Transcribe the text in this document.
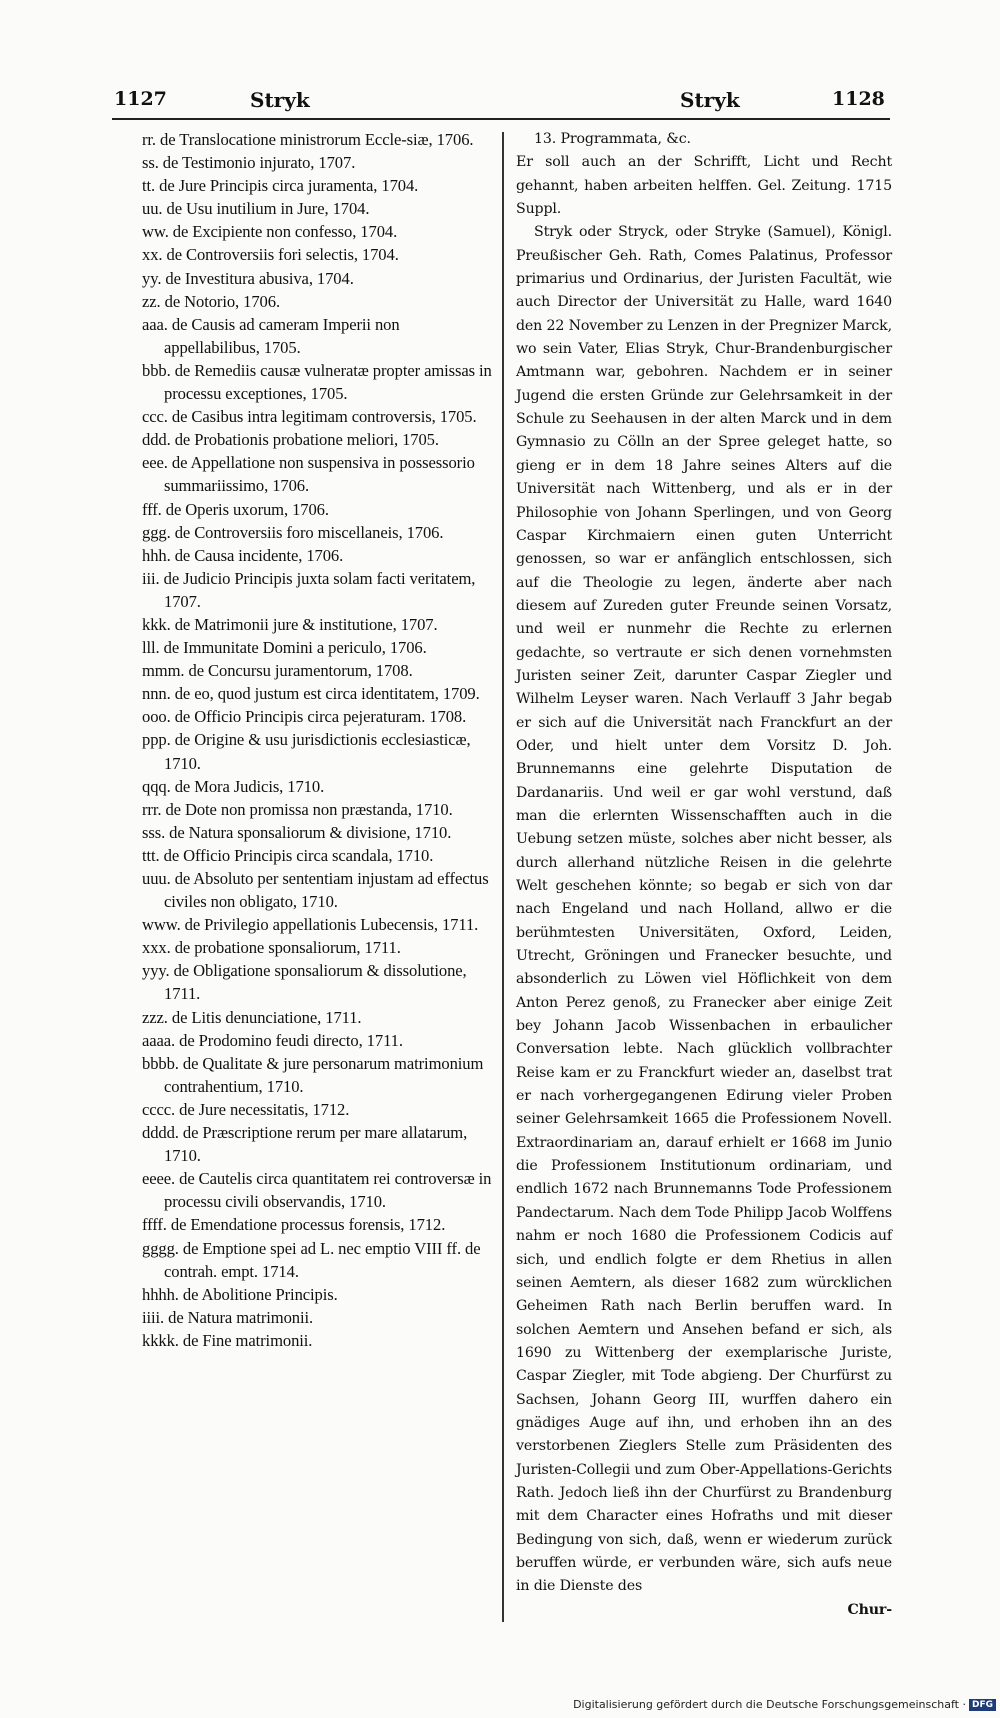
1127	Stryk	Stryk	1128

rr. de Translocatione ministrorum Eccle-siæ, 1706.

ss. de Testimonio injurato, 1707.

tt. de Jure Principis circa juramenta, 1704.

uu. de Usu inutilium in Jure, 1704.

ww. de Excipiente non confesso, 1704.

xx. de Controversiis fori selectis, 1704.

yy. de Investitura abusiva, 1704.

zz. de Notorio, 1706.

aaa. de Causis ad cameram Imperii non appellabilibus, 1705.

bbb. de Remediis causæ vulneratæ propter amissas in processu exceptiones, 1705.

ccc. de Casibus intra legitimam controversis, 1705.

ddd. de Probationis probatione meliori, 1705.

eee. de Appellatione non suspensiva in possessorio summariissimo, 1706.

fff. de Operis uxorum, 1706.

ggg. de Controversiis foro miscellaneis, 1706.

hhh. de Causa incidente, 1706.

iii. de Judicio Principis juxta solam facti veritatem, 1707.

kkk. de Matrimonii jure & institutione, 1707.

lll. de Immunitate Domini a periculo, 1706.

mmm. de Concursu juramentorum, 1708.

nnn. de eo, quod justum est circa identitatem, 1709.

ooo. de Officio Principis circa pejeraturam. 1708.

ppp. de Origine & usu jurisdictionis ecclesiasticæ, 1710.

qqq. de Mora Judicis, 1710.

rrr. de Dote non promissa non præstanda, 1710.

sss. de Natura sponsaliorum & divisione, 1710.

ttt. de Officio Principis circa scandala, 1710.

uuu. de Absoluto per sententiam injustam ad effectus civiles non obligato, 1710.

www. de Privilegio appellationis Lubecensis, 1711.

xxx. de probatione sponsaliorum, 1711.

yyy. de Obligatione sponsaliorum & dissolutione, 1711.

zzz. de Litis denunciatione, 1711.

aaaa. de Prodomino feudi directo, 1711.

bbbb. de Qualitate & jure personarum matrimonium contrahentium, 1710.

cccc. de Jure necessitatis, 1712.

dddd. de Præscriptione rerum per mare allatarum, 1710.

eeee. de Cautelis circa quantitatem rei controversæ in processu civili observandis, 1710.

ffff. de Emendatione processus forensis, 1712.

gggg. de Emptione spei ad L. nec emptio VIII ff. de contrah. empt. 1714.

hhhh. de Abolitione Principis.

iiii. de Natura matrimonii.

kkkk. de Fine matrimonii.

13. Programmata, &c.

Er soll auch an der Schrifft, Licht und Recht gehannt, haben arbeiten helffen. Gel. Zeitung. 1715 Suppl.

Stryk oder Stryck, oder Stryke (Samuel), Königl. Preußischer Geh. Rath, Comes Palatinus, Professor primarius und Ordinarius, der Juristen Facultät, wie auch Director der Universität zu Halle, ward 1640 den 22 November zu Lenzen in der Pregnizer Marck, wo sein Vater, Elias Stryk, Chur-Brandenburgischer Amtmann war, gebohren. Nachdem er in seiner Jugend die ersten Gründe zur Gelehrsamkeit in der Schule zu Seehausen in der alten Marck und in dem Gymnasio zu Cölln an der Spree geleget hatte, so gieng er in dem 18 Jahre seines Alters auf die Universität nach Wittenberg, und als er in der Philosophie von Johann Sperlingen, und von Georg Caspar Kirchmaiern einen guten Unterricht genossen, so war er anfänglich entschlossen, sich auf die Theologie zu legen, änderte aber nach diesem auf Zureden guter Freunde seinen Vorsatz, und weil er nunmehr die Rechte zu erlernen gedachte, so vertraute er sich denen vornehmsten Juristen seiner Zeit, darunter Caspar Ziegler und Wilhelm Leyser waren. Nach Verlauff 3 Jahr begab er sich auf die Universität nach Franckfurt an der Oder, und hielt unter dem Vorsitz D. Joh. Brunnemanns eine gelehrte Disputation de Dardanariis. Und weil er gar wohl verstund, daß man die erlernten Wissenschafften auch in die Uebung setzen müste, solches aber nicht besser, als durch allerhand nützliche Reisen in die gelehrte Welt geschehen könnte; so begab er sich von dar nach Engeland und nach Holland, allwo er die berühmtesten Universitäten, Oxford, Leiden, Utrecht, Gröningen und Franecker besuchte, und absonderlich zu Löwen viel Höflichkeit von dem Anton Perez genoß, zu Franecker aber einige Zeit bey Johann Jacob Wissenbachen in erbaulicher Conversation lebte. Nach glücklich vollbrachter Reise kam er zu Franckfurt wieder an, daselbst trat er nach vorhergegangenen Edirung vieler Proben seiner Gelehrsamkeit 1665 die Professionem Novell. Extraordinariam an, darauf erhielt er 1668 im Junio die Professionem Institutionum ordinariam, und endlich 1672 nach Brunnemanns Tode Professionem Pandectarum. Nach dem Tode Philipp Jacob Wolffens nahm er noch 1680 die Professionem Codicis auf sich, und endlich folgte er dem Rhetius in allen seinen Aemtern, als dieser 1682 zum würcklichen Geheimen Rath nach Berlin beruffen ward. In solchen Aemtern und Ansehen befand er sich, als 1690 zu Wittenberg der exemplarische Juriste, Caspar Ziegler, mit Tode abgieng. Der Churfürst zu Sachsen, Johann Georg III, wurffen dahero ein gnädiges Auge auf ihn, und erhoben ihn an des verstorbenen Zieglers Stelle zum Präsidenten des Juristen-Collegii und zum Ober-Appellations-Gerichts Rath. Jedoch ließ ihn der Churfürst zu Brandenburg mit dem Character eines Hofraths und mit dieser Bedingung von sich, daß, wenn er wiederum zurück beruffen würde, er verbunden wäre, sich aufs neue in die Dienste des

Chur-

Digitalisierung gefördert durch die Deutsche Forschungsgemeinschaft · DFG
